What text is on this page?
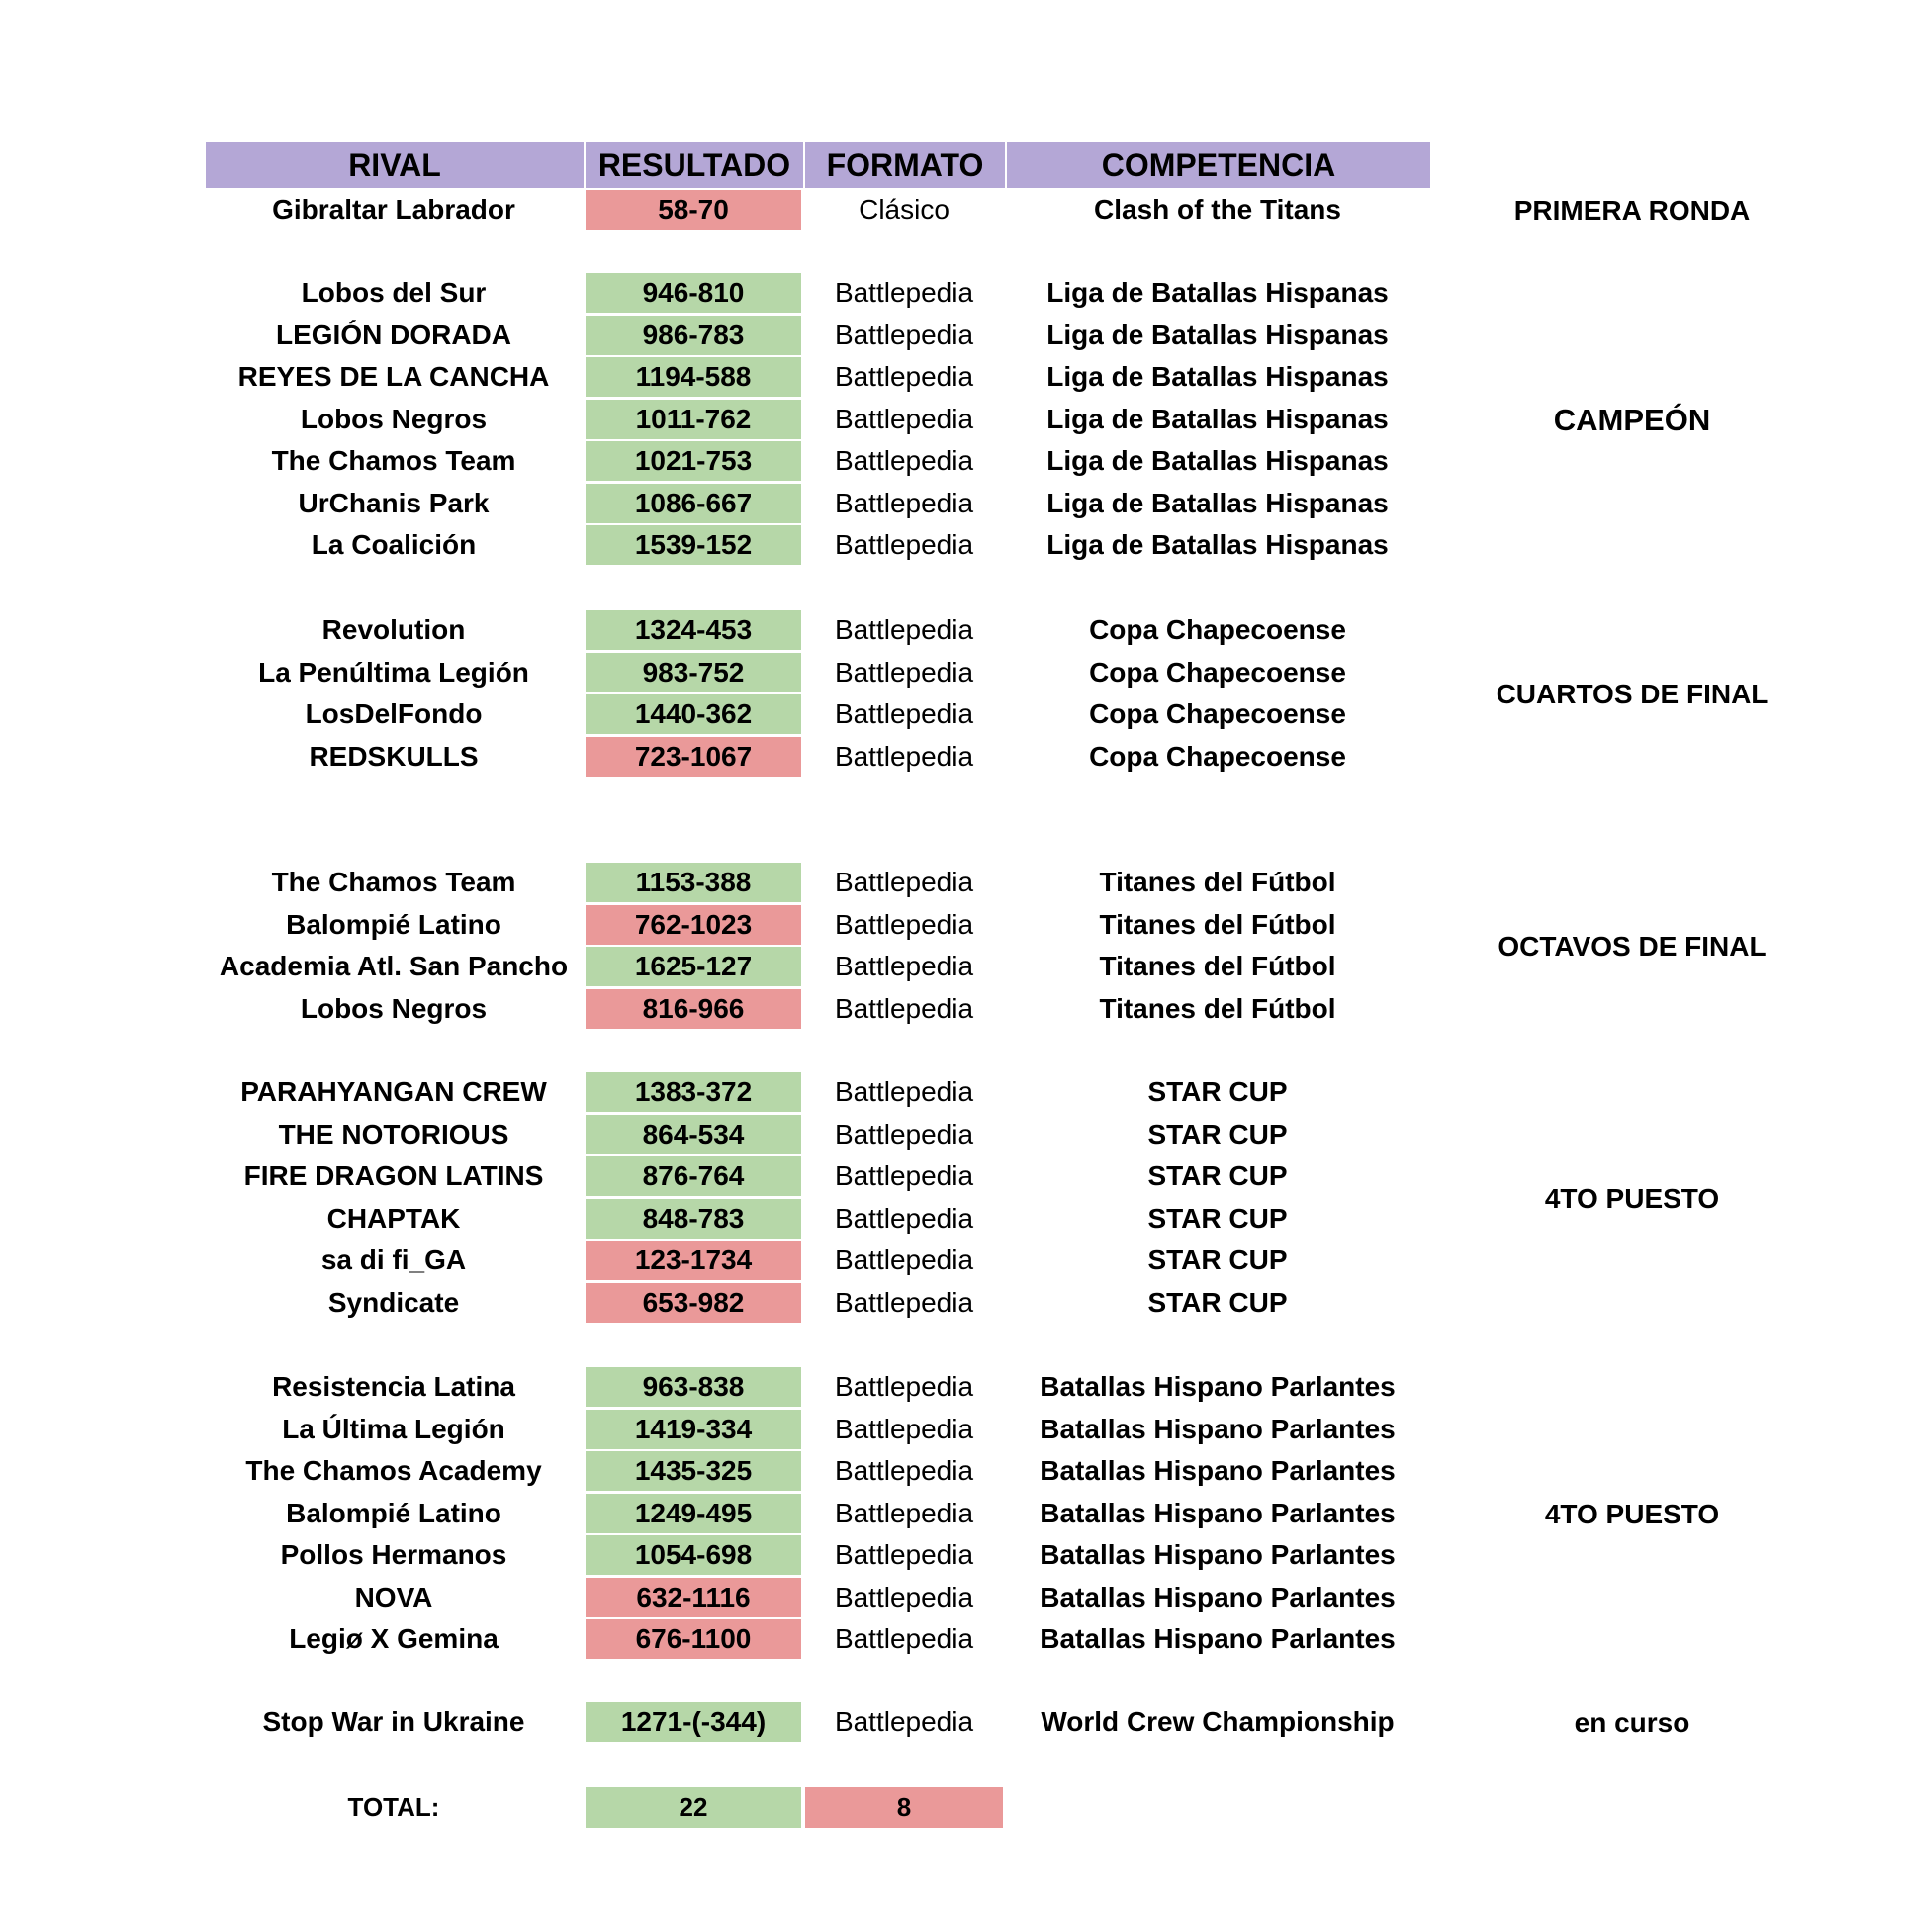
RIVAL	RESULTADO	FORMATO	COMPETENCIA
Gibraltar Labrador	58-70	Clásico	Clash of the Titans	PRIMERA RONDA
Lobos del Sur	946-810	Battlepedia	Liga de Batallas Hispanas
LEGIÓN DORADA	986-783	Battlepedia	Liga de Batallas Hispanas
REYES DE LA CANCHA	1194-588	Battlepedia	Liga de Batallas Hispanas
Lobos Negros	1011-762	Battlepedia	Liga de Batallas Hispanas
The Chamos Team	1021-753	Battlepedia	Liga de Batallas Hispanas
UrChanis Park	1086-667	Battlepedia	Liga de Batallas Hispanas
La Coalición	1539-152	Battlepedia	Liga de Batallas Hispanas
CAMPEÓN
Revolution	1324-453	Battlepedia	Copa Chapecoense
La Penúltima Legión	983-752	Battlepedia	Copa Chapecoense
LosDelFondo	1440-362	Battlepedia	Copa Chapecoense
REDSKULLS	723-1067	Battlepedia	Copa Chapecoense
CUARTOS DE FINAL
The Chamos Team	1153-388	Battlepedia	Titanes del Fútbol
Balompié Latino	762-1023	Battlepedia	Titanes del Fútbol
Academia Atl. San Pancho	1625-127	Battlepedia	Titanes del Fútbol
Lobos Negros	816-966	Battlepedia	Titanes del Fútbol
OCTAVOS DE FINAL
PARAHYANGAN CREW	1383-372	Battlepedia	STAR CUP
THE NOTORIOUS	864-534	Battlepedia	STAR CUP
FIRE DRAGON LATINS	876-764	Battlepedia	STAR CUP
CHAPTAK	848-783	Battlepedia	STAR CUP
sa di fi_GA	123-1734	Battlepedia	STAR CUP
Syndicate	653-982	Battlepedia	STAR CUP
4TO PUESTO
Resistencia Latina	963-838	Battlepedia	Batallas Hispano Parlantes
La Última Legión	1419-334	Battlepedia	Batallas Hispano Parlantes
The Chamos Academy	1435-325	Battlepedia	Batallas Hispano Parlantes
Balompié Latino	1249-495	Battlepedia	Batallas Hispano Parlantes
Pollos Hermanos	1054-698	Battlepedia	Batallas Hispano Parlantes
NOVA	632-1116	Battlepedia	Batallas Hispano Parlantes
Legiø X Gemina	676-1100	Battlepedia	Batallas Hispano Parlantes
4TO PUESTO
Stop War in Ukraine	1271-(-344)	Battlepedia	World Crew Championship	en curso
TOTAL:	22	8
